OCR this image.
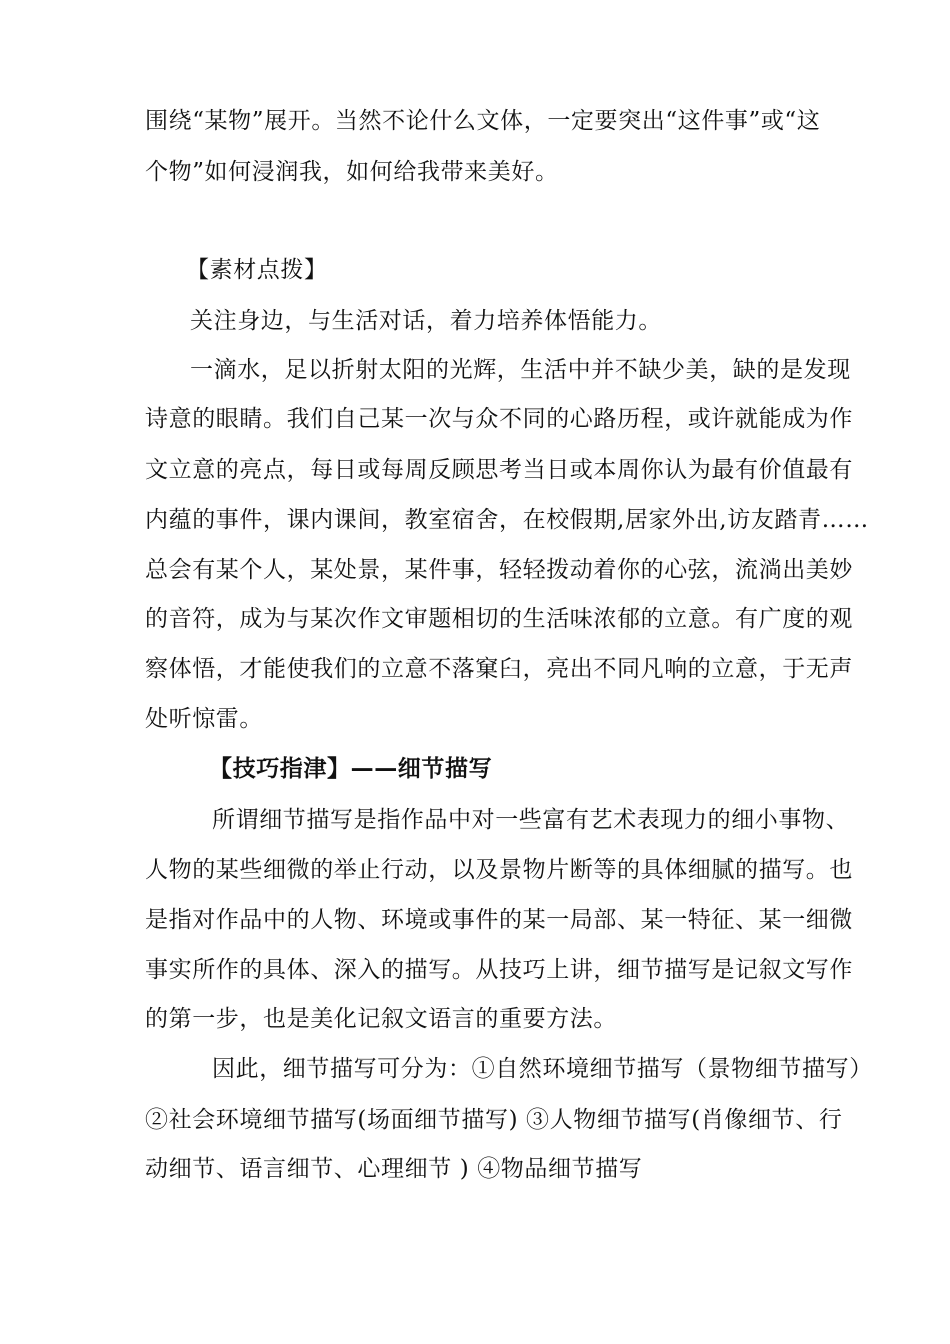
围绕“某物”展开。当然不论什么文体，一定要突出“这件事”或“这
个物”如何浸润我，如何给我带来美好。
【素材点拨】
关注身边，与生活对话，着力培养体悟能力。
一滴水，足以折射太阳的光辉，生活中并不缺少美，缺的是发现
诗意的眼睛。我们自己某一次与众不同的心路历程，或许就能成为作
文立意的亮点，每日或每周反顾思考当日或本周你认为最有价值最有
内蕴的事件，课内课间，教室宿舍，在校假期,居家外出,访友踏青……
总会有某个人，某处景，某件事，轻轻拨动着你的心弦，流淌出美妙
的音符，成为与某次作文审题相切的生活味浓郁的立意。有广度的观
察体悟，才能使我们的立意不落窠臼，亮出不同凡响的立意，于无声
处听惊雷。
【技巧指津】——细节描写
所谓细节描写是指作品中对一些富有艺术表现力的细小事物、
人物的某些细微的举止行动，以及景物片断等的具体细腻的描写。也
是指对作品中的人物、环境或事件的某一局部、某一特征、某一细微
事实所作的具体、深入的描写。从技巧上讲，细节描写是记叙文写作
的第一步，也是美化记叙文语言的重要方法。
因此，细节描写可分为：①自然环境细节描写（景物细节描写）
②社会环境细节描写(场面细节描写) ③人物细节描写(肖像细节、行
动细节、语言细节、心理细节 ) ④物品细节描写
